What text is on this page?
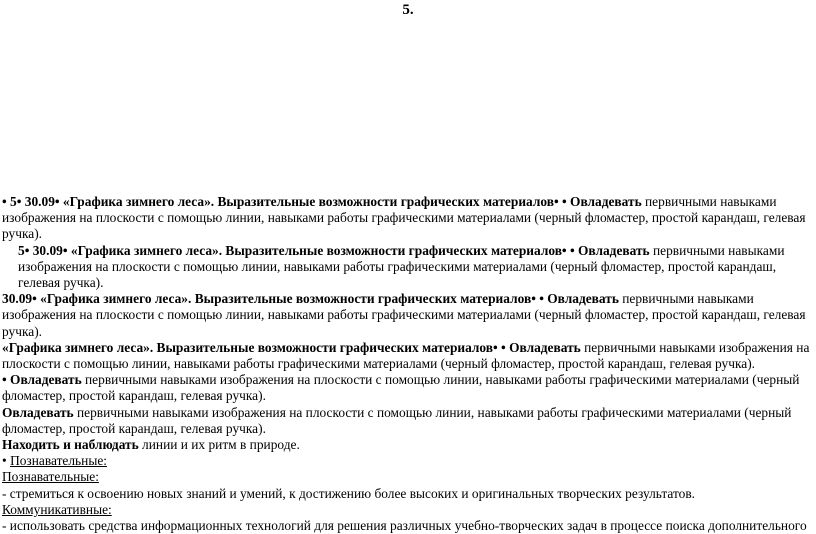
5.

• 5• 30.09• «Графика зимнего леса». Выразительные возможности графических материалов• • Овладевать первичными навыками изображения на плоскости с помощью линии, навыками работы графическими материалами (черный фломастер, простой карандаш, гелевая ручка).

5• 30.09• «Графика зимнего леса». Выразительные возможности графических материалов• • Овладевать первичными навыками изображения на плоскости с помощью линии, навыками работы графическими материалами (черный фломастер, простой карандаш, гелевая ручка).

30.09• «Графика зимнего леса». Выразительные возможности графических материалов• • Овладевать первичными навыками изображения на плоскости с помощью линии, навыками работы графическими материалами (черный фломастер, простой карандаш, гелевая ручка).

«Графика зимнего леса». Выразительные возможности графических материалов• • Овладевать первичными навыками изображения на плоскости с помощью линии, навыками работы графическими материалами (черный фломастер, простой карандаш, гелевая ручка).

• Овладевать первичными навыками изображения на плоскости с помощью линии, навыками работы графическими материалами (черный фломастер, простой карандаш, гелевая ручка).

Овладевать первичными навыками изображения на плоскости с помощью линии, навыками работы графическими материалами (черный фломастер, простой карандаш, гелевая ручка).

Находить и наблюдать линии и их ритм в природе.

• Познавательные:

Познавательные:

- стремиться к освоению новых знаний и умений, к достижению более высоких и оригинальных творческих результатов.

Коммуникативные:

- использовать средства информационных технологий для решения различных учебно-творческих задач в процессе поиска дополнительного
